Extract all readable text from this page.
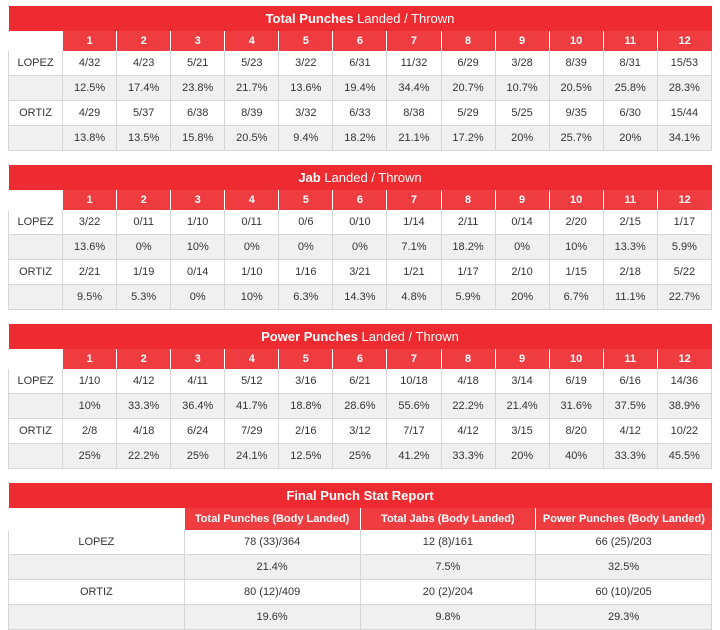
Total Punches Landed / Thrown												
	1	2	3	4	5	6	7	8	9	10	11	12
LOPEZ	4/32	4/23	5/21	5/23	3/22	6/31	11/32	6/29	3/28	8/39	8/31	15/53
	12.5%	17.4%	23.8%	21.7%	13.6%	19.4%	34.4%	20.7%	10.7%	20.5%	25.8%	28.3%
ORTIZ	4/29	5/37	6/38	8/39	3/32	6/33	8/38	5/29	5/25	9/35	6/30	15/44
	13.8%	13.5%	15.8%	20.5%	9.4%	18.2%	21.1%	17.2%	20%	25.7%	20%	34.1%
Jab Landed / Thrown												
	1	2	3	4	5	6	7	8	9	10	11	12
LOPEZ	3/22	0/11	1/10	0/11	0/6	0/10	1/14	2/11	0/14	2/20	2/15	1/17
	13.6%	0%	10%	0%	0%	0%	7.1%	18.2%	0%	10%	13.3%	5.9%
ORTIZ	2/21	1/19	0/14	1/10	1/16	3/21	1/21	1/17	2/10	1/15	2/18	5/22
	9.5%	5.3%	0%	10%	6.3%	14.3%	4.8%	5.9%	20%	6.7%	11.1%	22.7%
Power Punches Landed / Thrown												
	1	2	3	4	5	6	7	8	9	10	11	12
LOPEZ	1/10	4/12	4/11	5/12	3/16	6/21	10/18	4/18	3/14	6/19	6/16	14/36
	10%	33.3%	36.4%	41.7%	18.8%	28.6%	55.6%	22.2%	21.4%	31.6%	37.5%	38.9%
ORTIZ	2/8	4/18	6/24	7/29	2/16	3/12	7/17	4/12	3/15	8/20	4/12	10/22
	25%	22.2%	25%	24.1%	12.5%	25%	41.2%	33.3%	20%	40%	33.3%	45.5%
Final Punch Stat Report			
	Total Punches (Body Landed)	Total Jabs (Body Landed)	Power Punches (Body Landed)
LOPEZ	78 (33)/364	12 (8)/161	66 (25)/203
	21.4%	7.5%	32.5%
ORTIZ	80 (12)/409	20 (2)/204	60 (10)/205
	19.6%	9.8%	29.3%
